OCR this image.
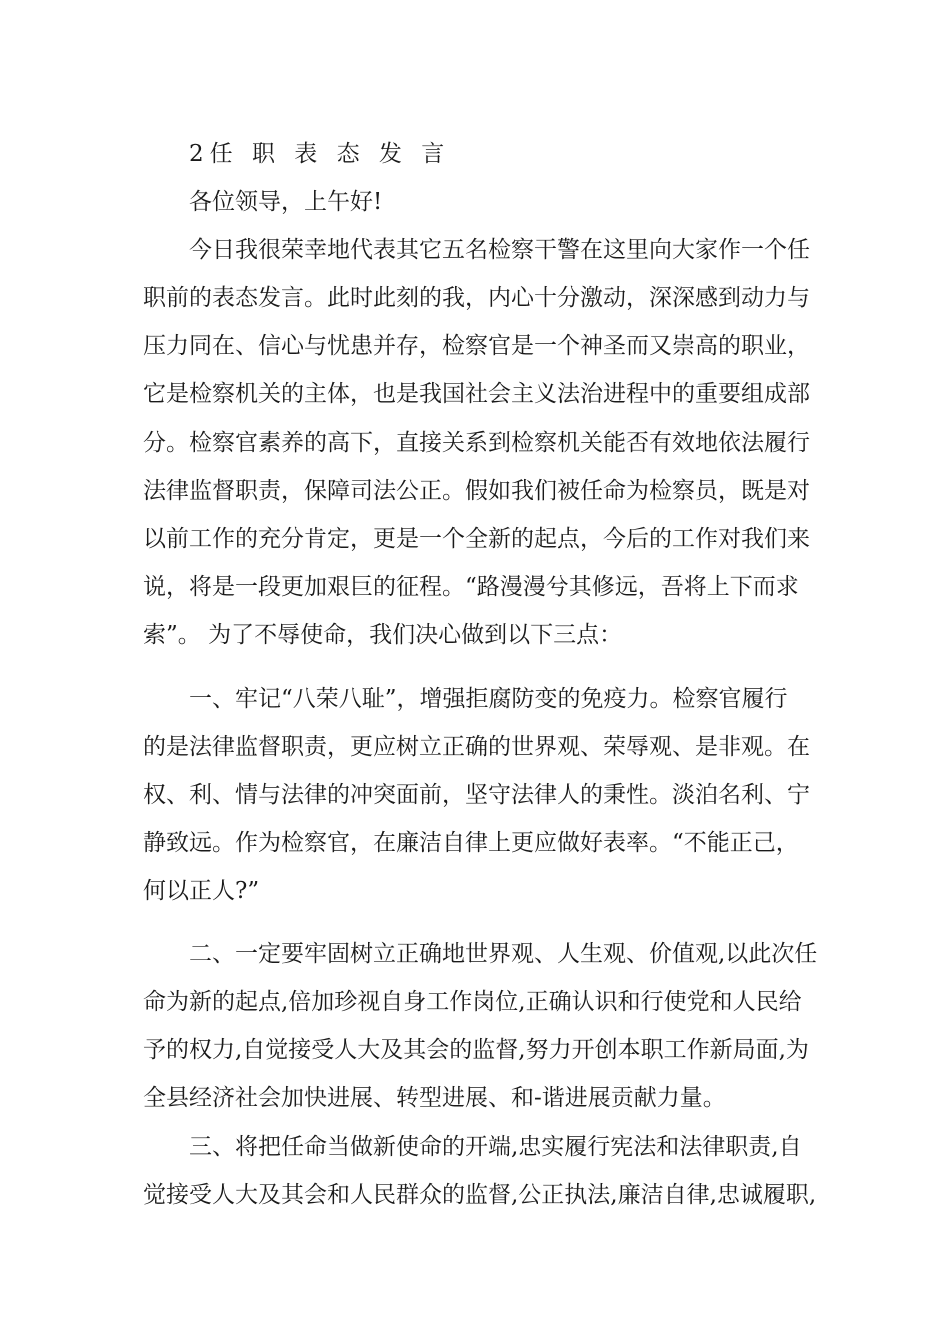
2任 职 表 态 发 言
各位领导，上午好!
今日我很荣幸地代表其它五名检察干警在这里向大家作一个任
职前的表态发言。此时此刻的我，内心十分激动，深深感到动力与
压力同在、信心与忧患并存，检察官是一个神圣而又崇高的职业，
它是检察机关的主体，也是我国社会主义法治进程中的重要组成部
分。检察官素养的高下，直接关系到检察机关能否有效地依法履行
法律监督职责，保障司法公正。假如我们被任命为检察员，既是对
以前工作的充分肯定，更是一个全新的起点，今后的工作对我们来
说，将是一段更加艰巨的征程。“路漫漫兮其修远，吾将上下而求
索”。 为了不辱使命，我们决心做到以下三点：
一、牢记“八荣八耻”，增强拒腐防变的免疫力。检察官履行
的是法律监督职责，更应树立正确的世界观、荣辱观、是非观。在
权、利、情与法律的冲突面前，坚守法律人的秉性。淡泊名利、宁
静致远。作为检察官，在廉洁自律上更应做好表率。“不能正己，
何以正人?”
二、一定要牢固树立正确地世界观、人生观、价值观,以此次任
命为新的起点,倍加珍视自身工作岗位,正确认识和行使党和人民给
予的权力,自觉接受人大及其会的监督,努力开创本职工作新局面,为
全县经济社会加快进展、转型进展、和-谐进展贡献力量。
三、将把任命当做新使命的开端,忠实履行宪法和法律职责,自
觉接受人大及其会和人民群众的监督,公正执法,廉洁自律,忠诚履职,
